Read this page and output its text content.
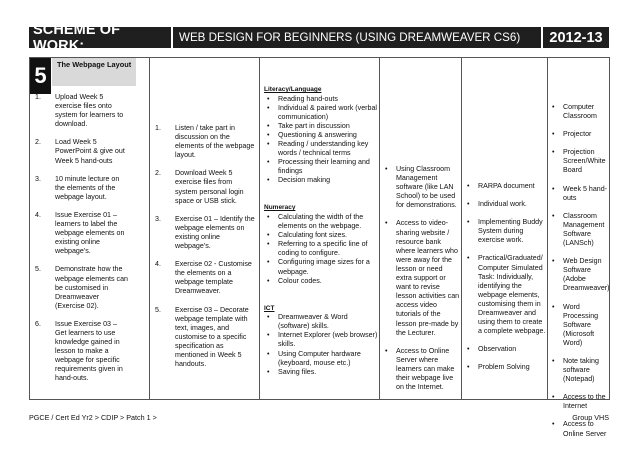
SCHEME OF WORK:	WEB DESIGN FOR BEGINNERS (USING DREAMWEAVER CS6)	2012-13
5	The Webpage Layout
1.	Upload Week 5 exercise files onto system for learners to download.
2.	Load Week 5 PowerPoint & give out Week 5 hand-outs
3.	10 minute lecture on the elements of the webpage layout.
4.	Issue Exercise 01 – learners to label the webpage elements on existing online webpage’s.
5.	Demonstrate how the webpage elements can be customised in Dreamweaver (Exercise 02).
6.	Issue Exercise 03 – Get learners to use knowledge gained in lesson to make a webpage for specific requirements given in hand-outs.

1.	Listen / take part in discussion on the elements of the webpage layout.
2.	Download Week 5 exercise files from system personal login space or USB stick.
3.	Exercise 01 – Identify the webpage elements on existing online webpage’s.
4.	Exercise 02 - Customise the elements on a webpage template Dreamweaver.
5.	Exercise 03 – Decorate webpage template with text, images, and customise to a specific specification as mentioned in Week 5 handouts.

Literacy/Language
• Reading hand-outs
• Individual & paired work (verbal communication)
• Take part in discussion
• Questioning & answering
• Reading / understanding key words / technical terms
• Processing their learning and findings
• Decision making
Numeracy
• Calculating the width of the elements on the webpage.
• Calculating font sizes.
• Referring to a specific line of coding to configure.
• Configuring image sizes for a webpage.
• Colour codes.
ICT
• Dreamweaver & Word (software) skills.
• Internet Explorer (web browser) skills.
• Using Computer hardware (keyboard, mouse etc.)
• Saving files.

• Using Classroom Management software (like LAN School) to be used for demonstrations.
• Access to video-sharing website / resource bank where learners who were away for the lesson or need extra support or want to revise lesson activities can access video tutorials of the lesson pre-made by the Lecturer.
• Access to Online Server where learners can make their webpage live on the Internet.

• RARPA document
• Individual work.
• Implementing Buddy System during exercise work.
• Practical/Graduated/ Computer Simulated Task: Individually, identifying the webpage elements, customising them in Dreamweaver and using them to create a complete webpage.
• Observation
• Problem Solving

• Computer Classroom
• Projector
• Projection Screen/White Board
• Week 5 hand-outs
• Classroom Management Software (LANSch)
• Web Design Software (Adobe Dreamweaver)
• Word Processing Software (Microsoft Word)
• Note taking software (Notepad)
• Access to the Internet
• Access to Online Server
PGCE / Cert Ed Yr2 > CDIP > Patch 1 >	Group VHS
